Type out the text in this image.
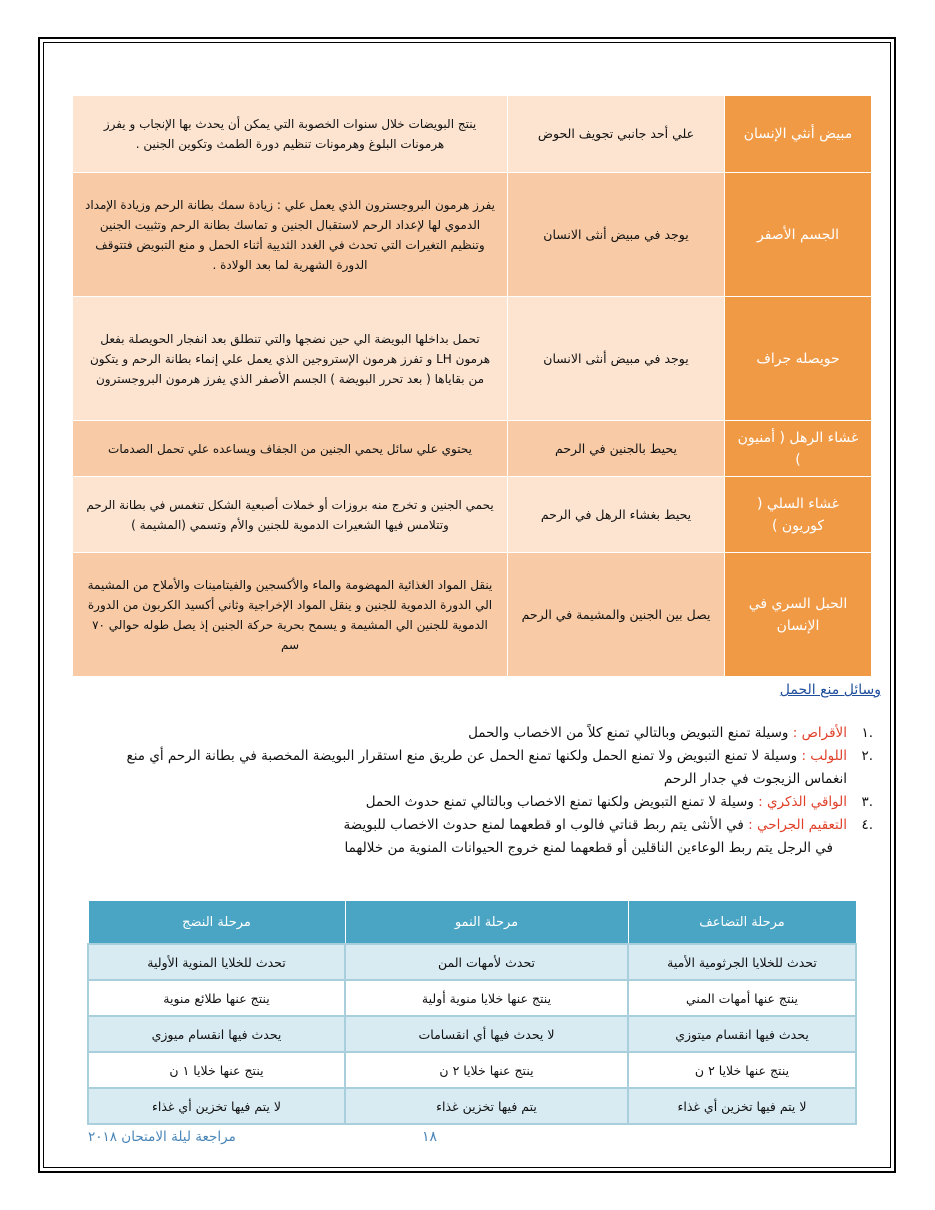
مبيض أنثي الإنسان	علي أحد جانبي تجويف الحوض	ينتج البويضات خلال سنوات الخصوبة التي يمكن أن يحدث بها الإنجاب و يفرز هرمونات البلوغ وهرمونات تنظيم دورة الطمث وتكوين الجنين .
الجسم الأصفر	يوجد في مبيض أنثى الانسان	يفرز هرمون البروجسترون الذي يعمل علي : زيادة سمك بطانة الرحم وزيادة الإمداد الدموي لها لإعداد الرحم لاستقبال الجنين و تماسك بطانة الرحم وتثبيت الجنين وتنظيم التغيرات التي تحدث في الغدد الثديية أثناء الحمل و منع التبويض فتتوقف الدورة الشهرية لما بعد الولادة .
حويصله جراف	يوجد في مبيض أنثى الانسان	تحمل بداخلها البويضة الي حين نضجها والتي تنطلق بعد انفجار الحويصلة بفعل هرمون LH و تفرز هرمون الإستروجين الذي يعمل علي إنماء بطانة الرحم و يتكون من بقاياها ( بعد تحرر البويضة ) الجسم الأصفر الذي يفرز هرمون البروجسترون
غشاء الرهل ( أمنيون )	يحيط بالجنين في الرحم	يحتوي علي سائل يحمي الجنين من الجفاف ويساعده علي تحمل الصدمات
غشاء السلي ( كوريون )	يحيط بغشاء الرهل في الرحم	يحمي الجنين و تخرج منه بروزات أو خملات أصبعية الشكل تنغمس في بطانة الرحم وتتلامس فيها الشعيرات الدموية للجنين والأم وتسمي (المشيمة )
الحبل السري في الإنسان	يصل بين الجنين والمشيمة في الرحم	ينقل المواد الغذائية المهضومة والماء والأكسجين والفيتامينات والأملاح من المشيمة الي الدورة الدموية للجنين و ينقل المواد الإخراجية وثاني أكسيد الكربون من الدورة الدموية للجنين الي المشيمة و يسمح بحرية حركة الجنين إذ يصل طوله حوالي ٧٠ سم
وسائل منع الحمل
.١
الأقراص : وسيلة تمنع التبويض وبالتالي تمنع كلاً من الاخصاب والحمل
.٢
اللولب : وسيلة لا تمنع التبويض ولا تمنع الحمل ولكنها تمنع الحمل عن طريق منع استقرار البويضة المخصبة في بطانة الرحم أي منع انغماس الزيجوت في جدار الرحم
.٣
الواقي الذكري : وسيلة لا تمنع التبويض ولكنها تمنع الاخصاب وبالتالي تمنع حدوث الحمل
.٤
التعقيم الجراحي : في الأنثى يتم ربط قناتي فالوب او قطعهما لمنع حدوث الاخصاب للبويضة
في الرجل يتم ربط الوعاءين الناقلين أو قطعهما لمنع خروج الحيوانات المنوية من خلالهما
مرحلة التضاعف	مرحلة النمو	مرحلة النضج
تحدث للخلايا الجرثومية الأمية	تحدث لأمهات المن	تحدث للخلايا المنوية الأولية
ينتج عنها أمهات المني	ينتج عنها خلايا منوية أولية	ينتج عنها طلائع منوية
يحدث فيها انقسام ميتوزي	لا يحدث فيها أي انقسامات	يحدث فيها انقسام ميوزي
ينتج عنها خلايا ٢ ن	ينتج عنها خلايا ٢ ن	ينتج عنها خلايا ١ ن
لا يتم فيها تخزين أي غذاء	يتم فيها تخزين غذاء	لا يتم فيها تخزين أي غذاء
مراجعة ليلة الامتحان ٢٠١٨	١٨
